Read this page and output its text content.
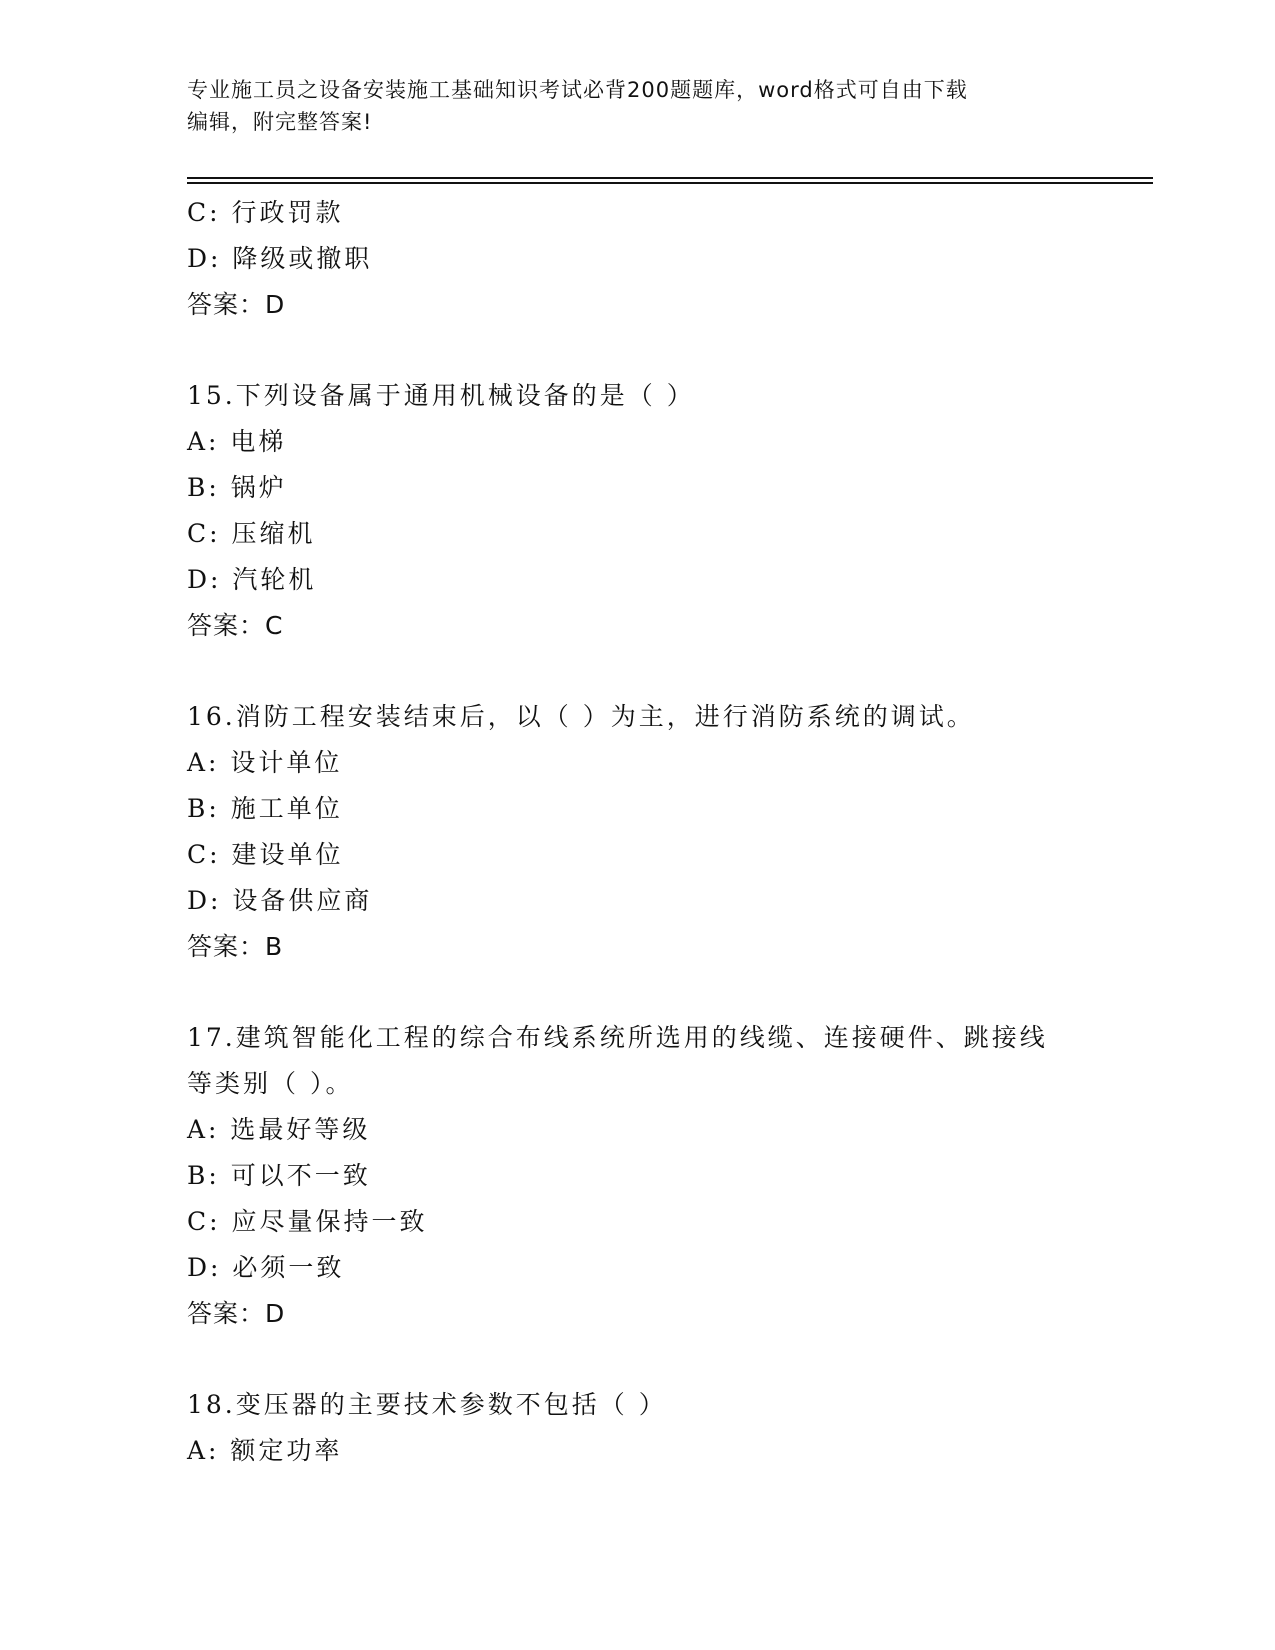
专业施工员之设备安装施工基础知识考试必背200题题库，word格式可自由下载
编辑，附完整答案!
C: 行政罚款
D: 降级或撤职
答案：D
15.下列设备属于通用机械设备的是（ ）
A: 电梯
B: 锅炉
C: 压缩机
D: 汽轮机
答案：C
16.消防工程安装结束后，以（ ）为主，进行消防系统的调试。
A: 设计单位
B: 施工单位
C: 建设单位
D: 设备供应商
答案：B
17.建筑智能化工程的综合布线系统所选用的线缆、连接硬件、跳接线
等类别（ ）。
A: 选最好等级
B: 可以不一致
C: 应尽量保持一致
D: 必须一致
答案：D
18.变压器的主要技术参数不包括（ ）
A: 额定功率
